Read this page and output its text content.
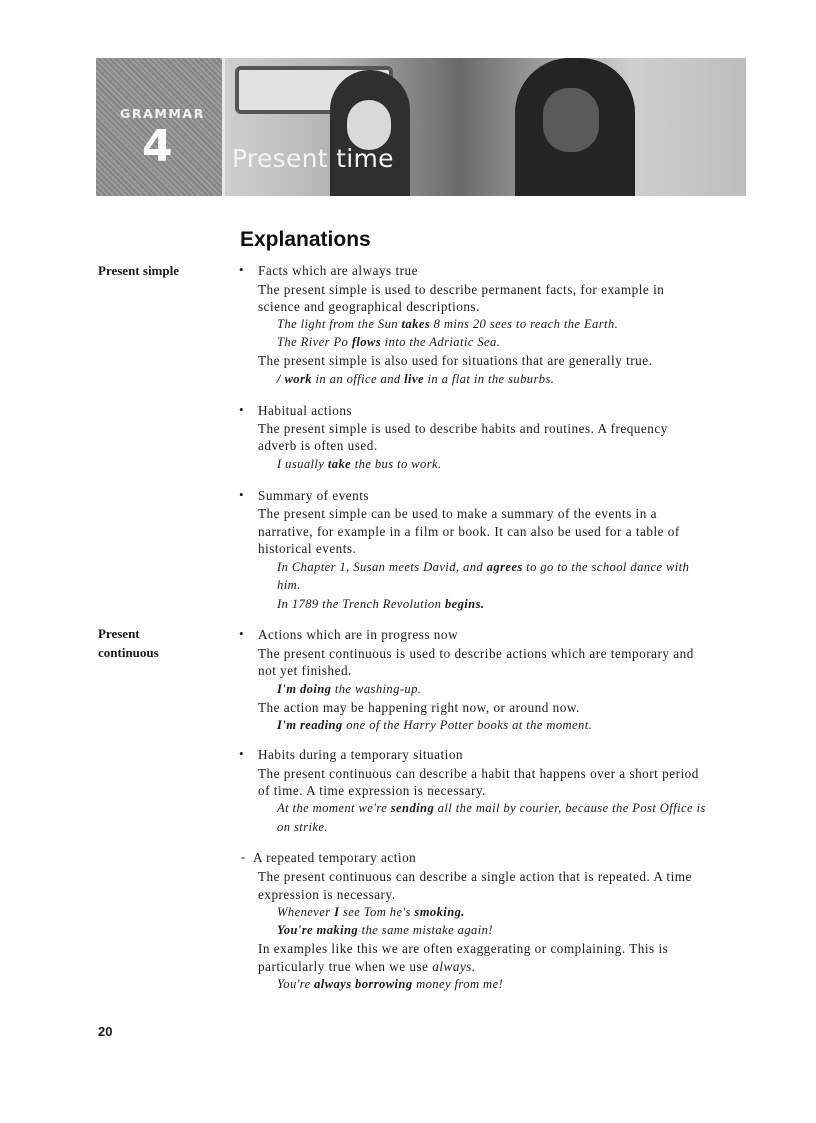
GRAMMAR
4 Present time
Explanations
Present simple
Present
continuous
• Facts which are always true
The present simple is used to describe permanent facts, for example in
science and geographical descriptions.
The light from the Sun takes 8 mins 20 sees to reach the Earth.
The River Po flows into the Adriatic Sea.
The present simple is also used for situations that are generally true.
/ work in an office and live in a flat in the suburbs.
• Habitual actions
The present simple is used to describe habits and routines. A frequency
adverb is often used.
I usually take the bus to work.
• Summary of events
The present simple can be used to make a summary of the events in a
narrative, for example in a film or book. It can also be used for a table of
historical events.
In Chapter 1, Susan meets David, and agrees to go to the school dance with
him.
In 1789 the Trench Revolution begins.
• Actions which are in progress now
The present continuous is used to describe actions which are temporary and
not yet finished.
I'm doing the washing-up.
The action may be happening right now, or around now.
I'm reading one of the Harry Potter books at the moment.
• Habits during a temporary situation
The present continuous can describe a habit that happens over a short period
of time. A time expression is necessary.
At the moment we're sending all the mail by courier, because the Post Office is
on strike.
- A repeated temporary action
The present continuous can describe a single action that is repeated. A time
expression is necessary.
Whenever I see Tom he's smoking.
You're making the same mistake again!
In examples like this we are often exaggerating or complaining. This is
particularly true when we use always.
You're always borrowing money from me!
20
